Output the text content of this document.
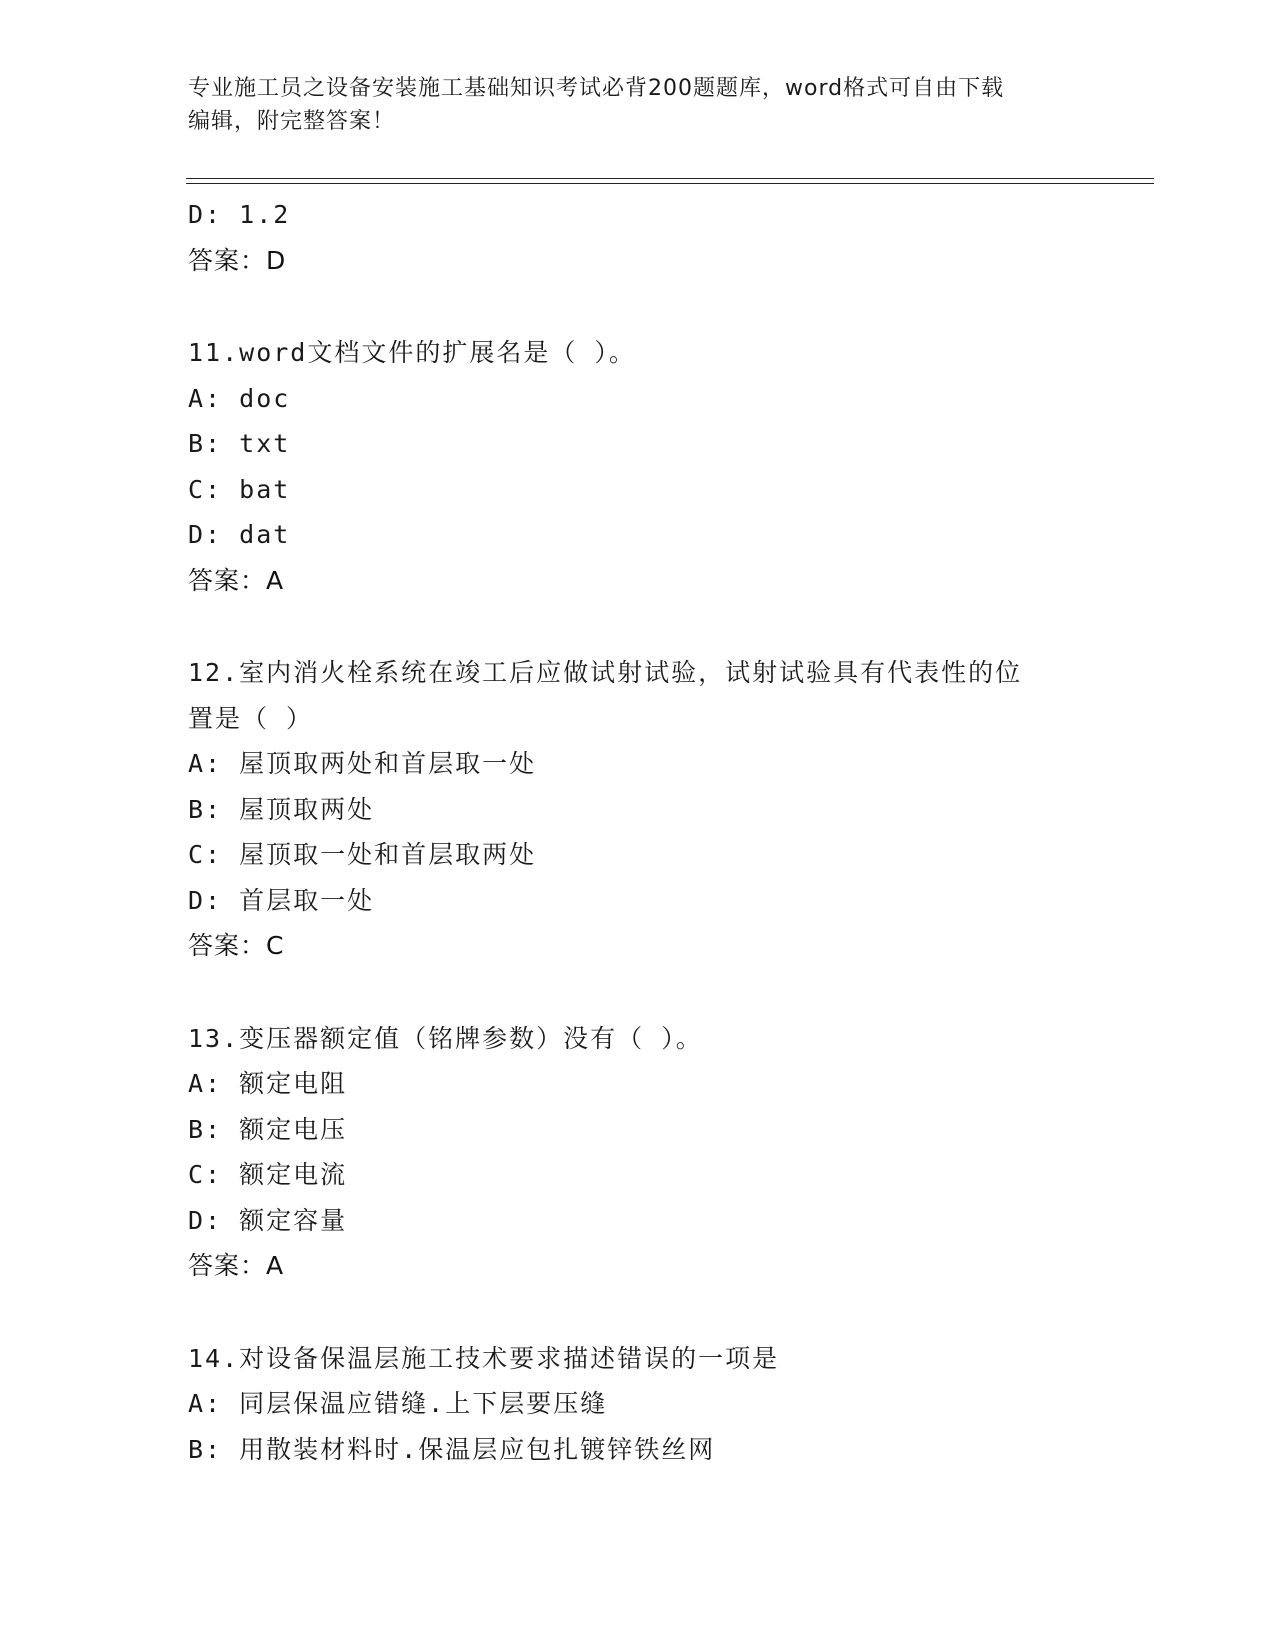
专业施工员之设备安装施工基础知识考试必背200题题库，word格式可自由下载
编辑，附完整答案！
D: 1.2
答案：D
11.word文档文件的扩展名是（ ）。
A: doc
B: txt
C: bat
D: dat
答案：A
12.室内消火栓系统在竣工后应做试射试验，试射试验具有代表性的位
置是（ ）
A: 屋顶取两处和首层取一处
B: 屋顶取两处
C: 屋顶取一处和首层取两处
D: 首层取一处
答案：C
13.变压器额定值（铭牌参数）没有（ ）。
A: 额定电阻
B: 额定电压
C: 额定电流
D: 额定容量
答案：A
14.对设备保温层施工技术要求描述错误的一项是
A: 同层保温应错缝.上下层要压缝
B: 用散装材料时.保温层应包扎镀锌铁丝网
